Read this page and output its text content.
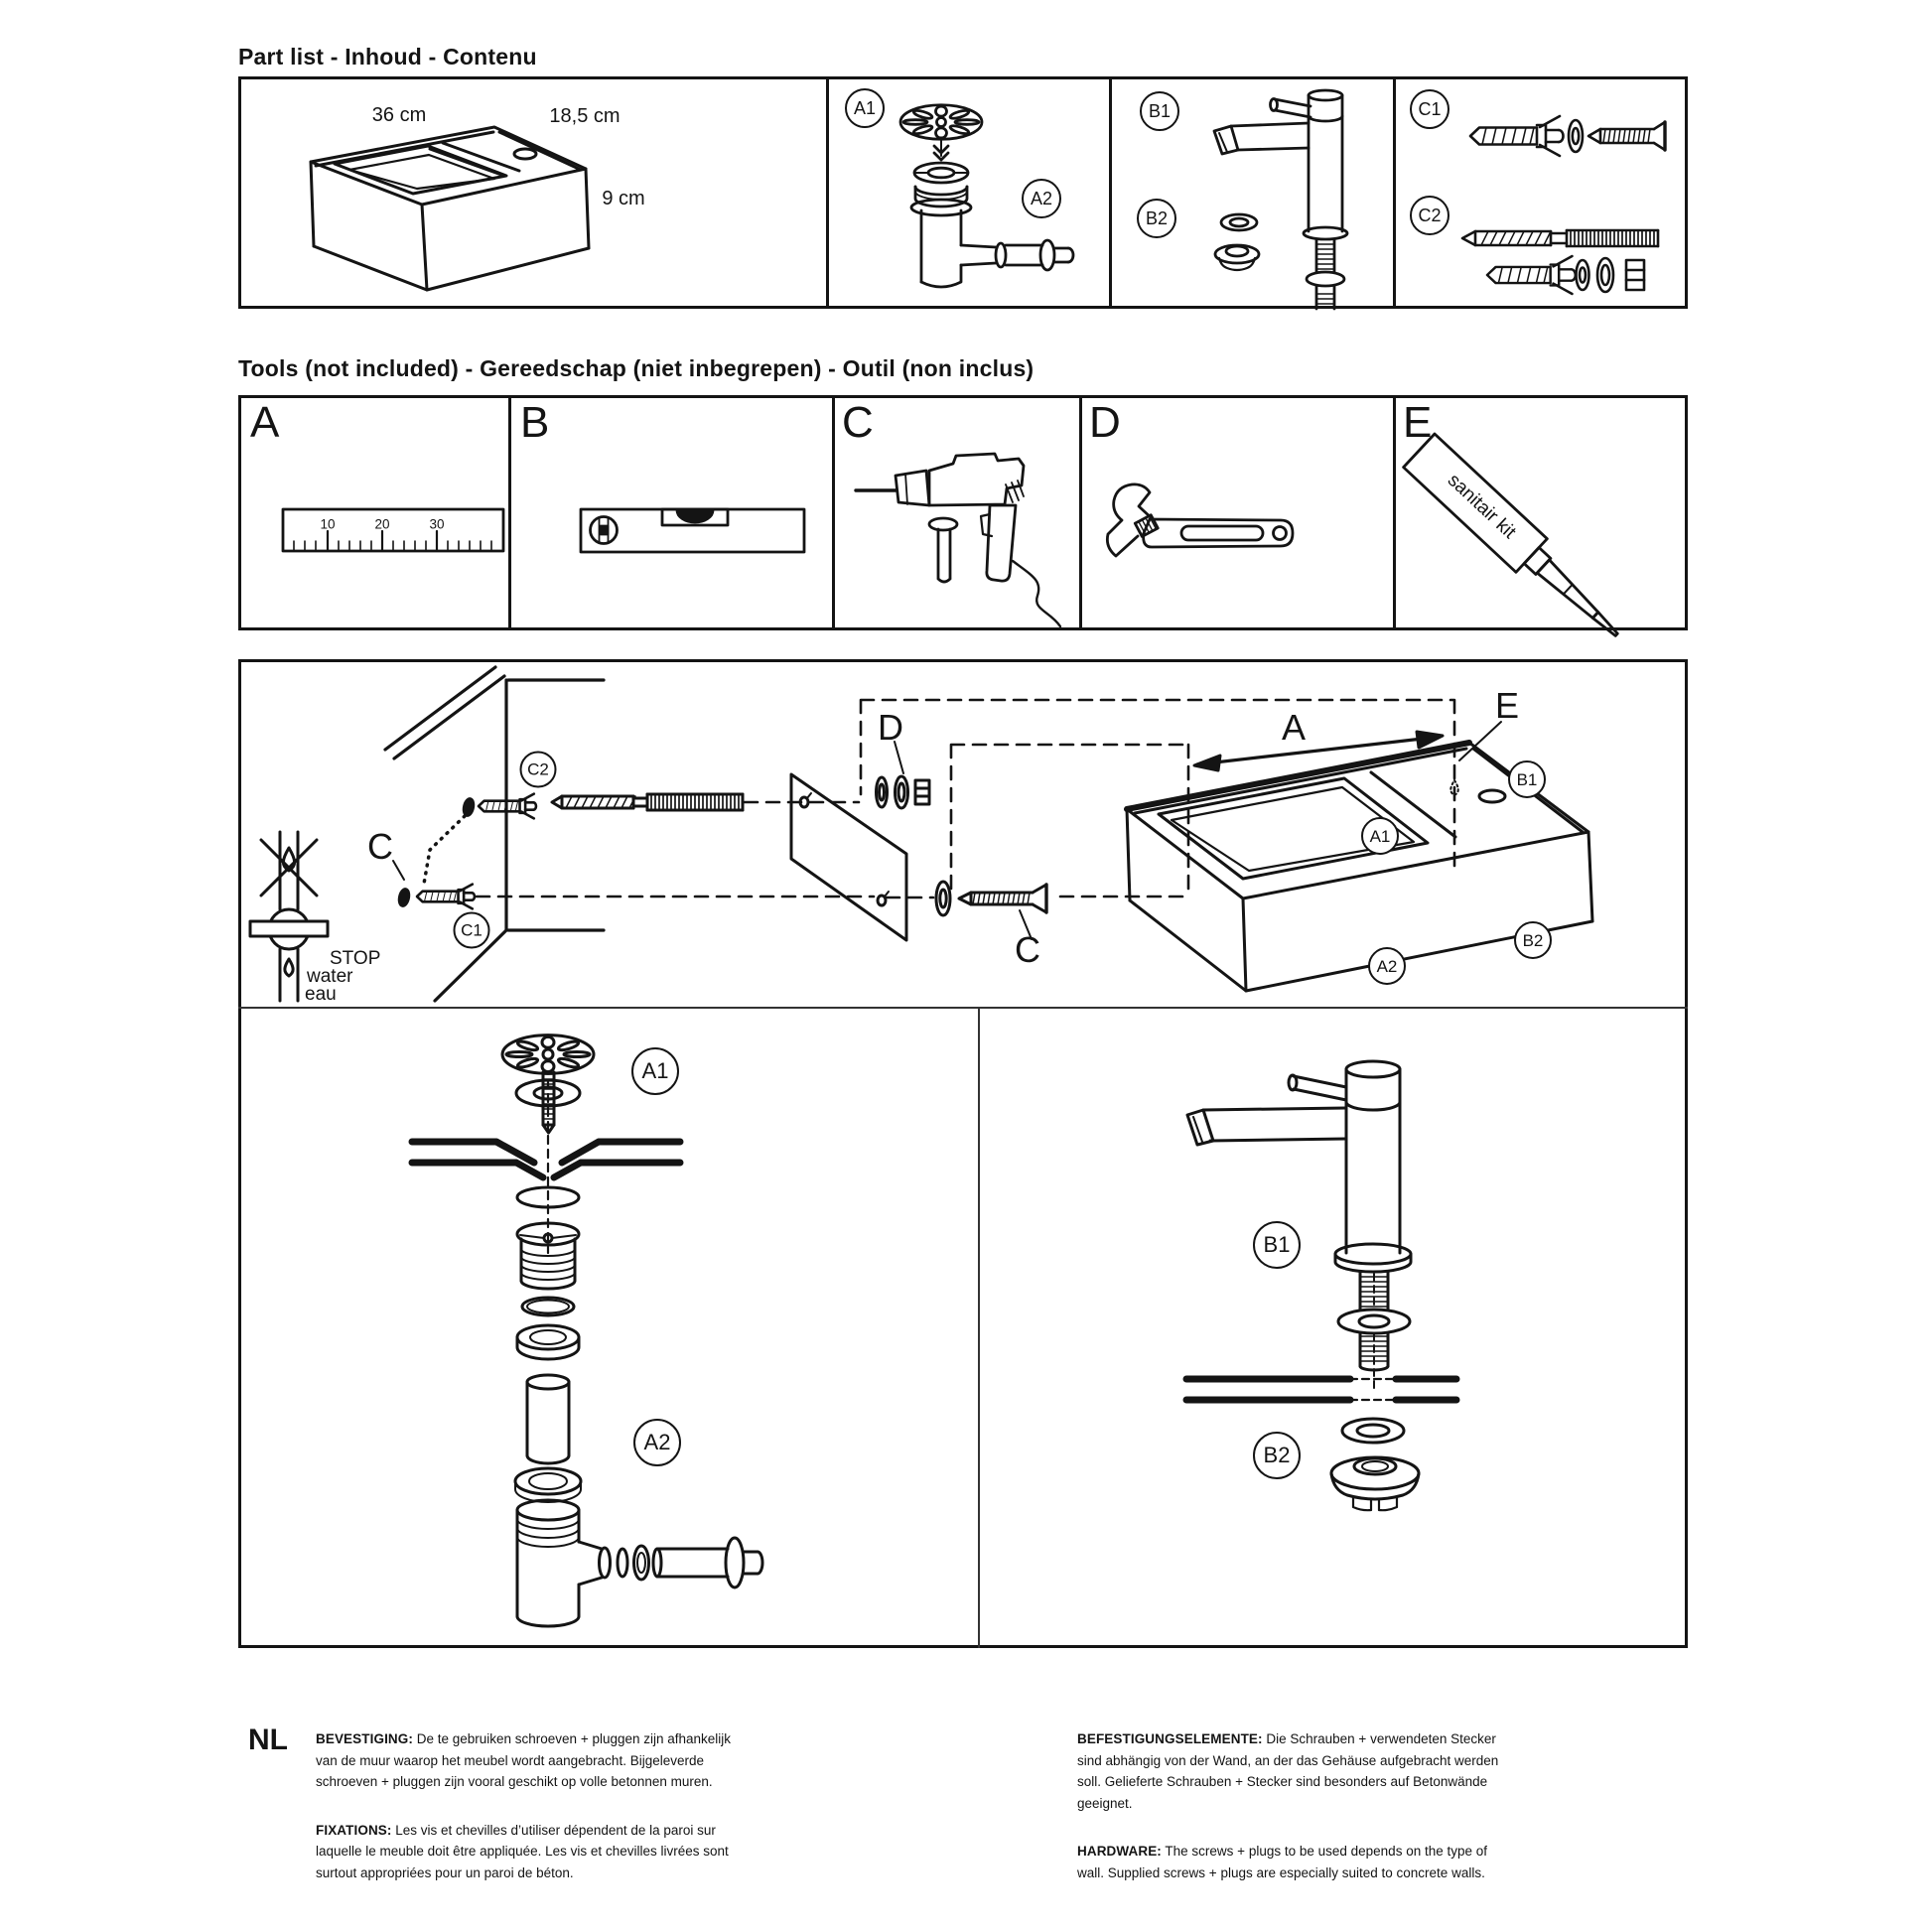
Part list - Inhoud - Contenu
36 cm	18,5 cm
9 cm
A1
A2
B1
B2
C1
C2
Tools (not included) - Gereedschap (niet inbegrepen) - Outil (non inclus)
A	B	C	D	E
sanitair kit
10	20	30
STOP
water
eau
C2
C1
C
D	A
E
C
B1
A1
B2
A2
A1
A2
B1
B2
NL BEVESTIGING: De te gebruiken schroeven + pluggen zijn afhankelijk van de muur waarop het meubel wordt aangebracht. Bijgeleverde schroeven + pluggen zijn vooral geschikt op volle betonnen muren.

FIXATIONS: Les vis et chevilles d’utiliser dépendent de la paroi sur laquelle le meuble doit être appliquée. Les vis et chevilles livrées sont surtout appropriées pour un paroi de béton.

BEFESTIGUNGSELEMENTE: Die Schrauben + verwendeten Stecker sind abhängig von der Wand, an der das Gehäuse aufgebracht werden soll. Gelieferte Schrauben + Stecker sind besonders auf Betonwände geeignet.

HARDWARE: The screws + plugs to be used depends on the type of wall. Supplied screws + plugs are especially suited to concrete walls.
